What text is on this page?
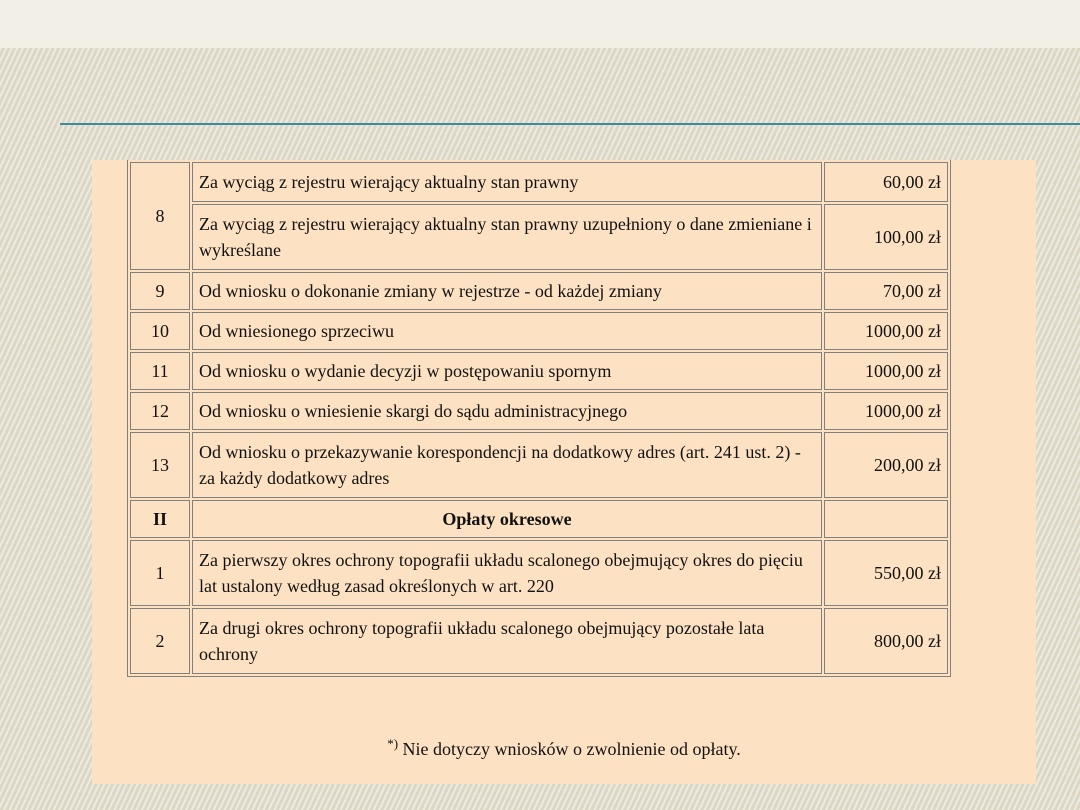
8	Za wyciąg z rejestru wierający aktualny stan prawny	60,00 zł
	Za wyciąg z rejestru wierający aktualny stan prawny uzupełniony o dane zmieniane i wykreślane	100,00 zł
9	Od wniosku o dokonanie zmiany w rejestrze - od każdej zmiany	70,00 zł
10	Od wniesionego sprzeciwu	1000,00 zł
11	Od wniosku o wydanie decyzji w postępowaniu spornym	1000,00 zł
12	Od wniosku o wniesienie skargi do sądu administracyjnego	1000,00 zł
13	Od wniosku o przekazywanie korespondencji na dodatkowy adres (art. 241 ust. 2) - za każdy dodatkowy adres	200,00 zł
II	Opłaty okresowe	
1	Za pierwszy okres ochrony topografii układu scalonego obejmujący okres do pięciu lat ustalony według zasad określonych w art. 220	550,00 zł
2	Za drugi okres ochrony topografii układu scalonego obejmujący pozostałe lata ochrony	800,00 zł
*) Nie dotyczy wniosków o zwolnienie od opłaty.
